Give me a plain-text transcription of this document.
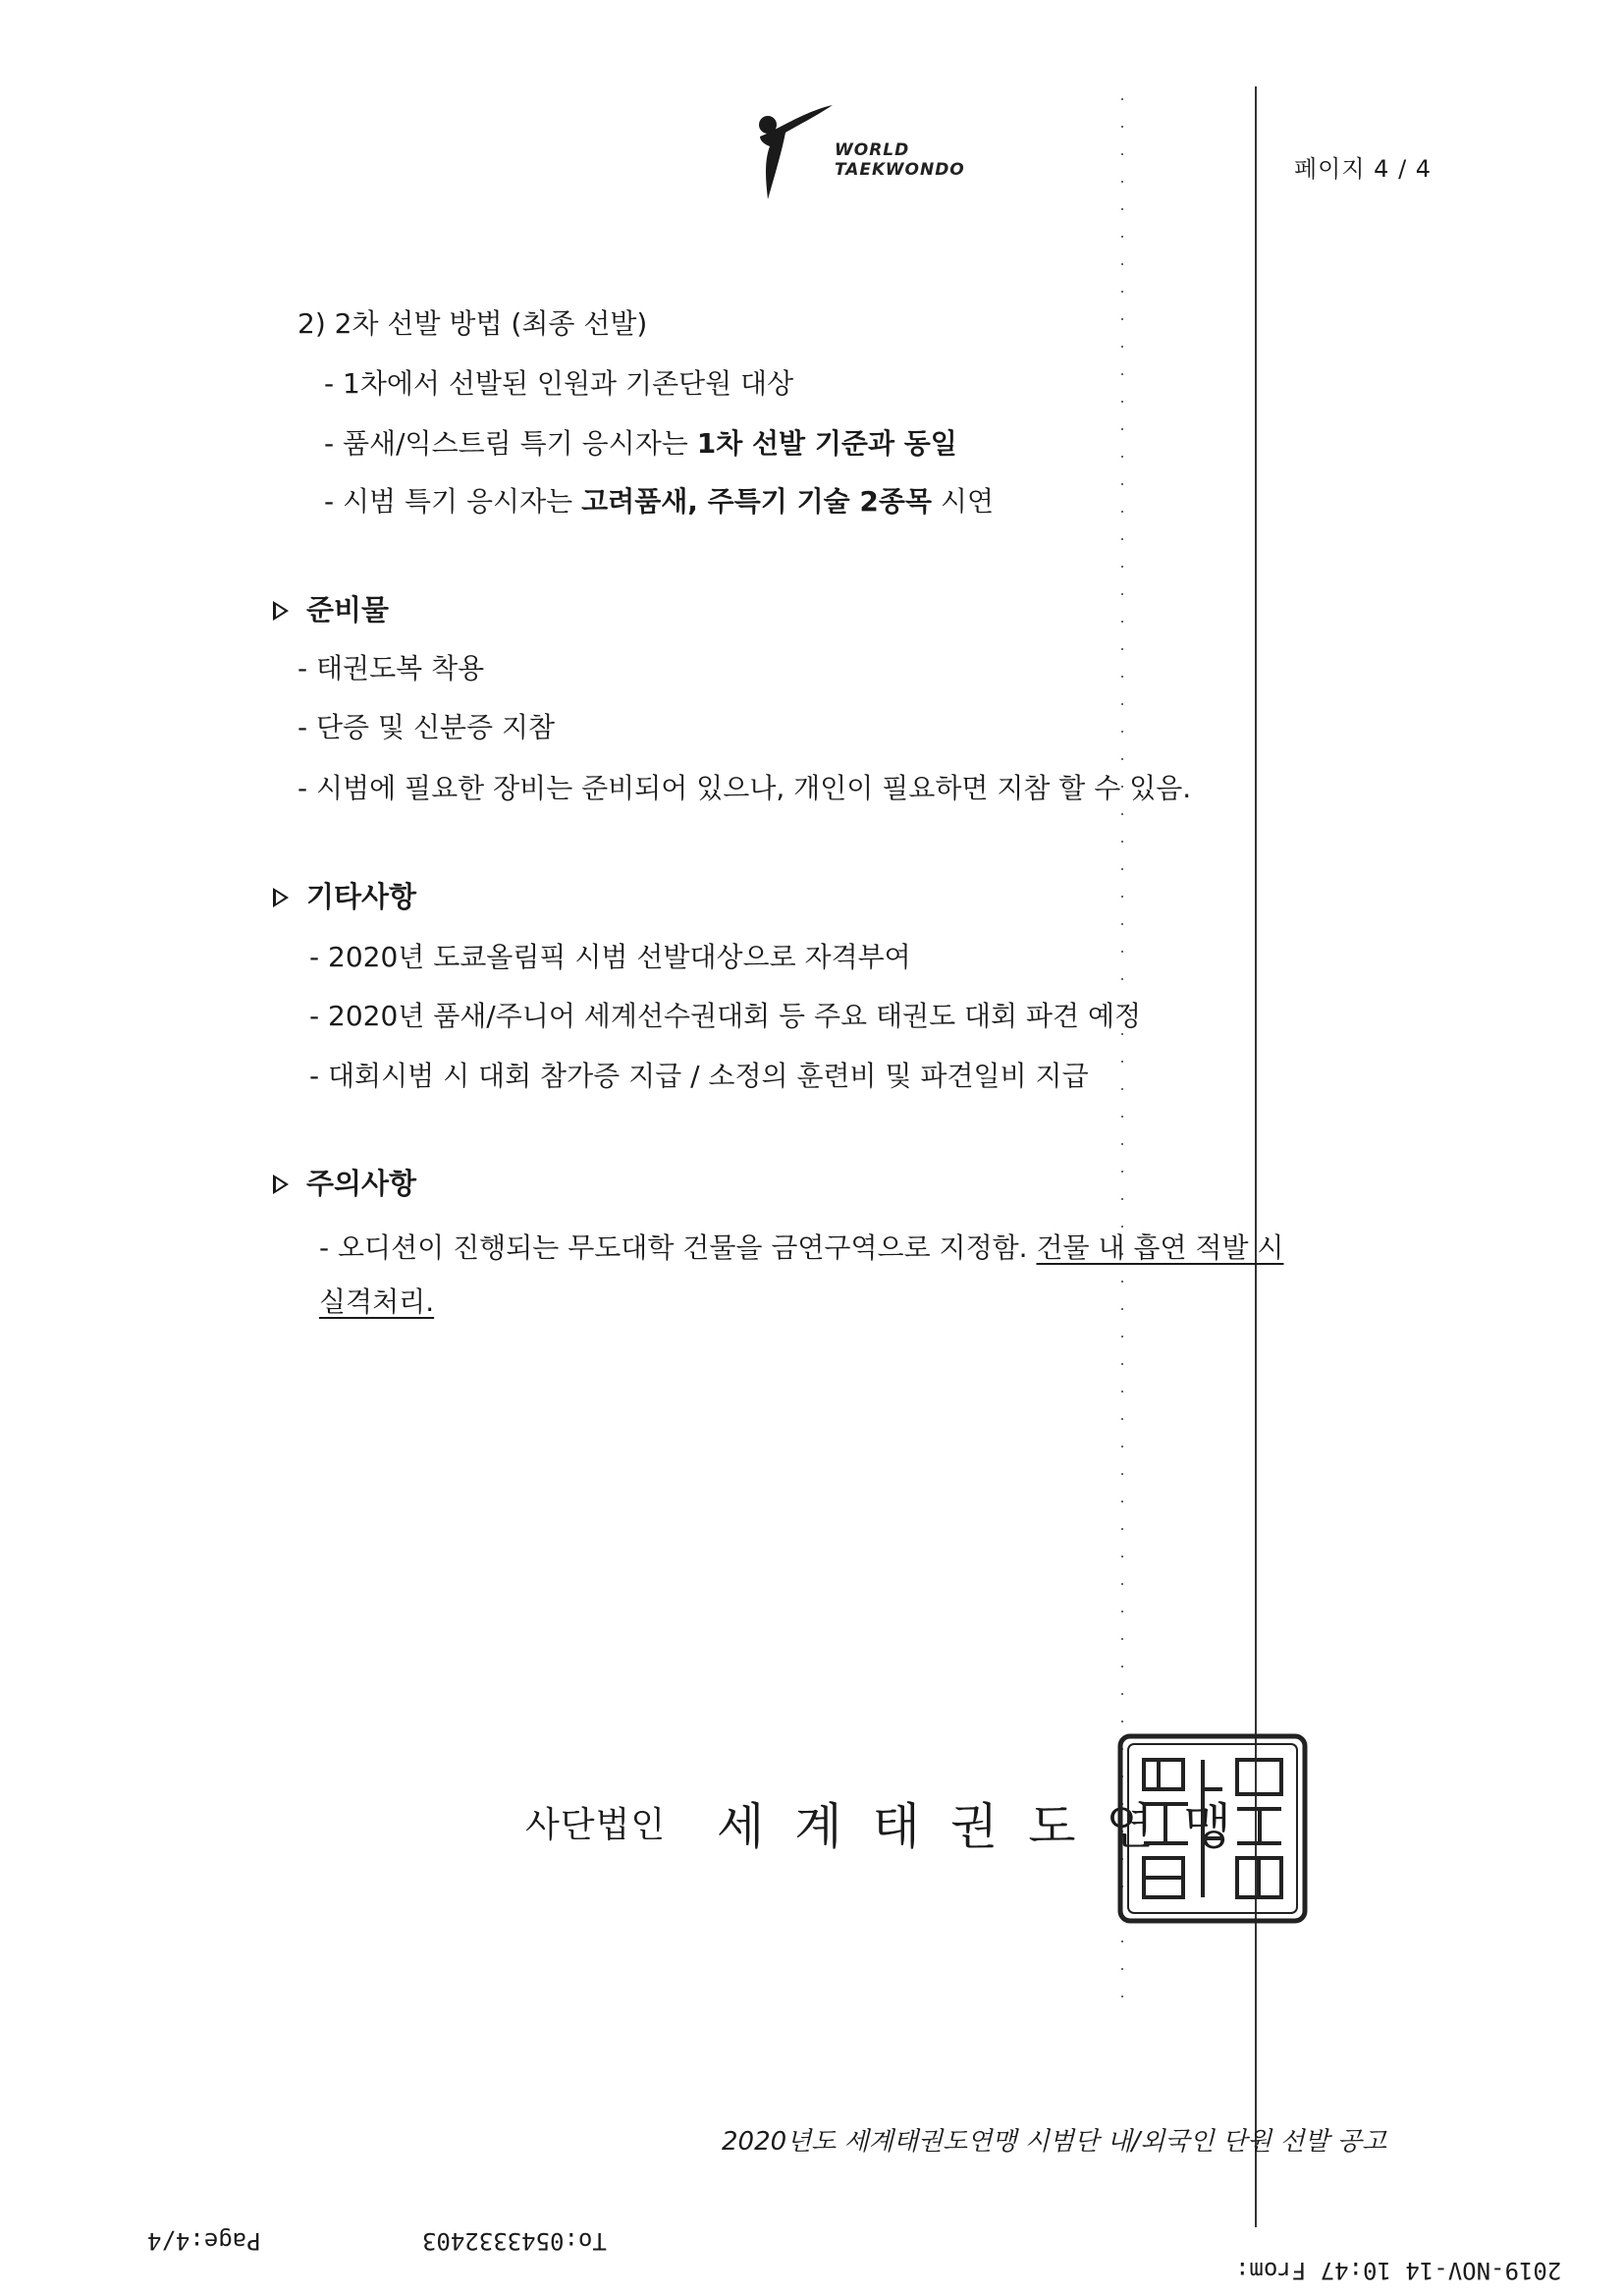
WORLD
TAEKWONDO	페이지 4 / 4
2) 2차 선발 방법 (최종 선발)
- 1차에서 선발된 인원과 기존단원 대상
- 품새/익스트림 특기 응시자는 1차 선발 기준과 동일
- 시범 특기 응시자는 고려품새, 주특기 기술 2종목 시연
준비물
- 태권도복 착용
- 단증 및 신분증 지참
- 시범에 필요한 장비는 준비되어 있으나, 개인이 필요하면 지참 할 수 있음.
기타사항
- 2020년 도쿄올림픽 시범 선발대상으로 자격부여
- 2020년 품새/주니어 세계선수권대회 등 주요 태권도 대회 파견 예정
- 대회시범 시 대회 참가증 지급 / 소정의 훈련비 및 파견일비 지급
주의사항
- 오디션이 진행되는 무도대학 건물을 금연구역으로 지정함. 건물 내 흡연 적발 시
실격처리.
사단법인 세계태권도연맹
2020년도 세계태권도연맹 시범단 내/외국인 단원 선발 공고
Page:4/4	To:0543332403
2019-NOV-14 10:47 From:
